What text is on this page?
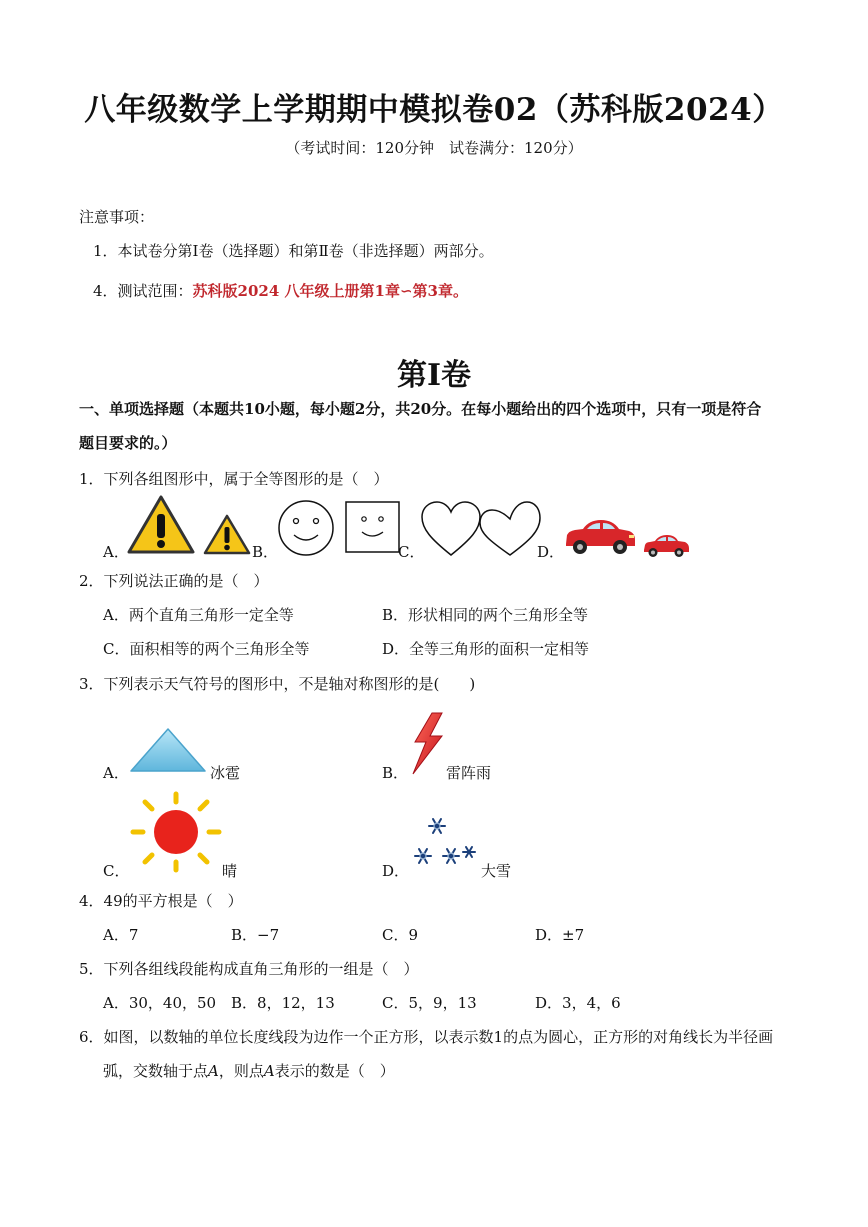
八年级数学上学期期中模拟卷02（苏科版2024）
（考试时间：120分钟　试卷满分：120分）
注意事项：
1．本试卷分第Ⅰ卷（选择题）和第Ⅱ卷（非选择题）两部分。
4．测试范围：苏科版2024 八年级上册第1章∽第3章。
第Ⅰ卷
一、单项选择题（本题共10小题，每小题2分，共20分。在每小题给出的四个选项中，只有一项是符合
题目要求的。）
1．下列各组图形中，属于全等图形的是（　）
A．	B．	C．	D．
2．下列说法正确的是（　）
A．两个直角三角形一定全等	B．形状相同的两个三角形全等
C．面积相等的两个三角形全等	D．全等三角形的面积一定相等
3．下列表示天气符号的图形中，不是轴对称图形的是(　　)
A．	冰雹	B．	雷阵雨
C．	晴	D．	大雪
4．49的平方根是（　）
A．7	B．−7	C．9	D．±7
5．下列各组线段能构成直角三角形的一组是（　）
A．30，40，50 B．8，12，13	C．5，9，13	D．3，4，6
6．如图，以数轴的单位长度线段为边作一个正方形，以表示数1的点为圆心，正方形的对角线长为半径画
弧，交数轴于点A，则点A表示的数是（　）
